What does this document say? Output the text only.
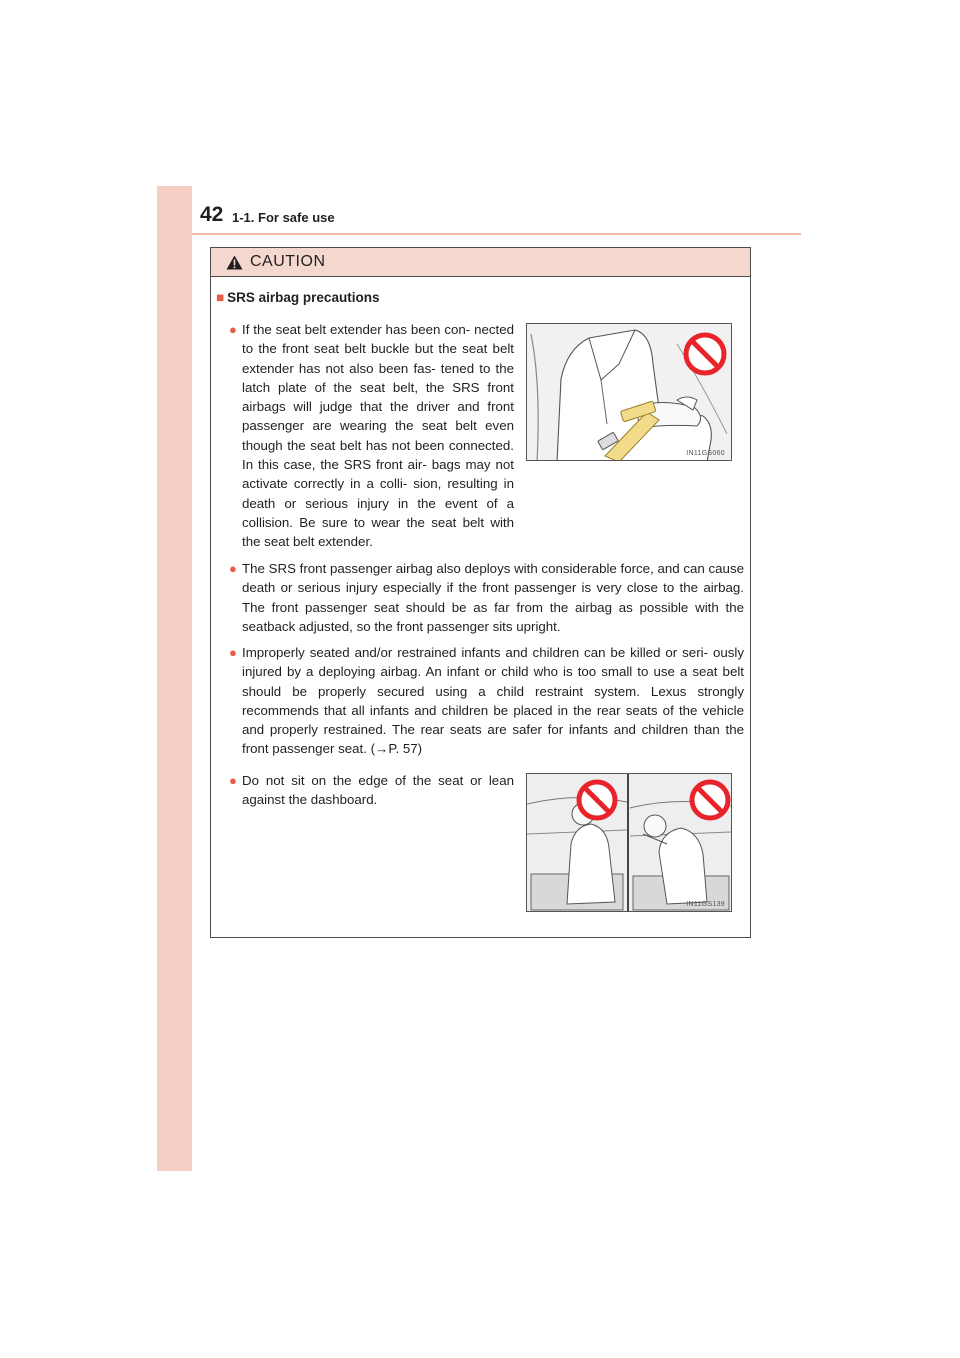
42 1-1. For safe use
CAUTION
■ SRS airbag precautions
● If the seat belt extender has been con- nected to the front seat belt buckle but the seat belt extender has not also been fas- tened to the latch plate of the seat belt, the SRS front airbags will judge that the driver and front passenger are wearing the seat belt even though the seat belt has not been connected. In this case, the SRS front air- bags may not activate correctly in a colli- sion, resulting in death or serious injury in the event of a collision. Be sure to wear the seat belt with the seat belt extender.
IN11GS060
● The SRS front passenger airbag also deploys with considerable force, and can cause death or serious injury especially if the front passenger is very close to the airbag. The front passenger seat should be as far from the airbag as possible with the seatback adjusted, so the front passenger sits upright.
● Improperly seated and/or restrained infants and children can be killed or seri- ously injured by a deploying airbag. An infant or child who is too small to use a seat belt should be properly secured using a child restraint system. Lexus strongly recommends that all infants and children be placed in the rear seats of the vehicle and properly restrained. The rear seats are safer for infants and children than the front passenger seat. (→P. 57)
● Do not sit on the edge of the seat or lean against the dashboard.
IN11GS139
